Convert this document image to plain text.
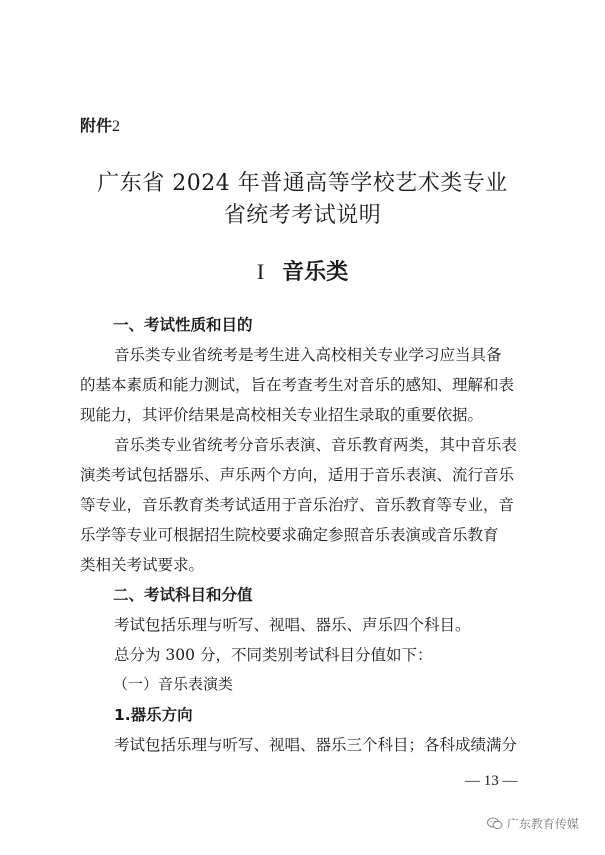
附件2
广东省 2024 年普通高等学校艺术类专业
省统考考试说明
I 音乐类
一、考试性质和目的
音乐类专业省统考是考生进入高校相关专业学习应当具备
的基本素质和能力测试，旨在考查考生对音乐的感知、理解和表
现能力，其评价结果是高校相关专业招生录取的重要依据。
音乐类专业省统考分音乐表演、音乐教育两类，其中音乐表
演类考试包括器乐、声乐两个方向，适用于音乐表演、流行音乐
等专业，音乐教育类考试适用于音乐治疗、音乐教育等专业，音
乐学等专业可根据招生院校要求确定参照音乐表演或音乐教育
类相关考试要求。
二、考试科目和分值
考试包括乐理与听写、视唱、器乐、声乐四个科目。
总分为 300 分，不同类别考试科目分值如下：
（一）音乐表演类
1.器乐方向
考试包括乐理与听写、视唱、器乐三个科目；各科成绩满分
— 13 —
广东教育传媒
